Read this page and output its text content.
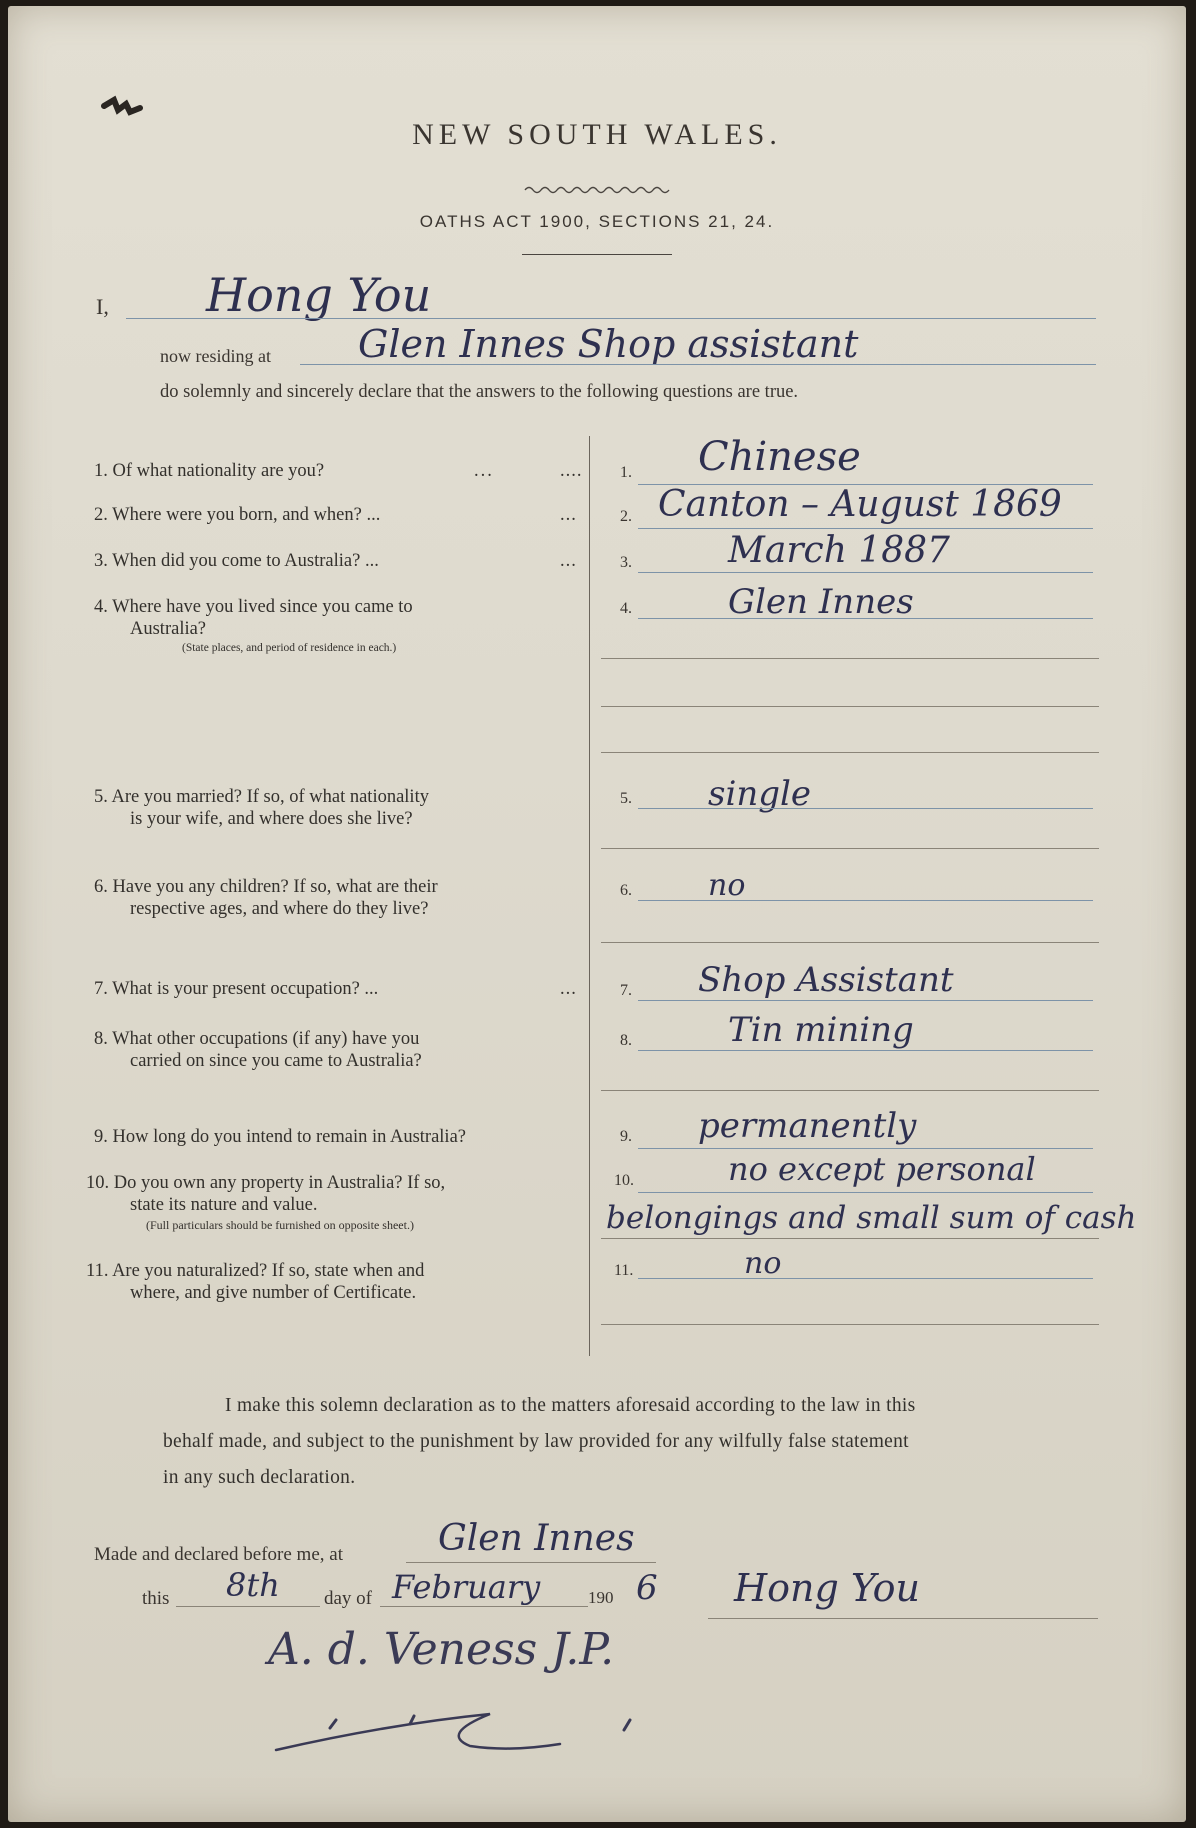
NEW SOUTH WALES.
OATHS ACT 1900, SECTIONS 21, 24.
I, Hong You
now residing at Glen Innes Shop assistant
do solemnly and sincerely declare that the answers to the following questions are true.
1. Of what nationality are you?	...	.... 1. Chinese
2. Where were you born, and when? ...	...	2. Canton – August 1869
3. When did you come to Australia? ...	...	3.	March 1887
4. Where have you lived since you came to
Australia?
(State places, and period of residence in each.)
4.	Glen Innes
5. Are you married? If so, of what nationality
is your wife, and where does she live?
5. single
6. Have you any children? If so, what are their
respective ages, and where do they live?
6.	no
7. What is your present occupation? ...	...	7. Shop Assistant
8. What other occupations (if any) have you
carried on since you came to Australia?
8.	Tin mining
9. How long do you intend to remain in Australia?	9. permanently
10. Do you own any property in Australia? If so,
state its nature and value.
(Full particulars should be furnished on opposite sheet.)
10.	no except personal
belongings and small sum of cash
11. Are you naturalized? If so, state when and
where, and give number of Certificate.
11.	no
I make this solemn declaration as to the matters aforesaid according to the law in this
behalf made, and subject to the punishment by law provided for any wilfully false statement
in any such declaration.
Made and declared before me, at	Glen Innes
this 8th day of February	190 6 Hong You
A. d. Veness J.P.
